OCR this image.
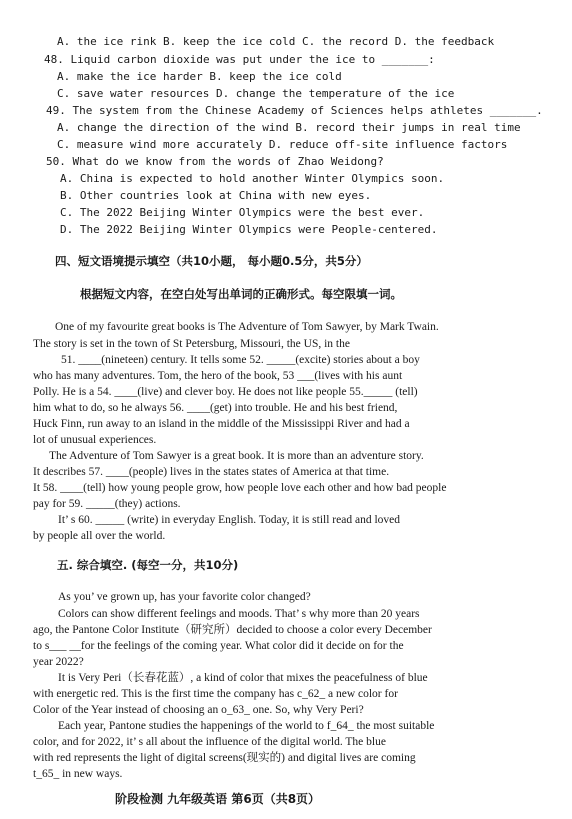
A. the ice rink B. keep the ice cold C. the record D. the feedback
48. Liquid carbon dioxide was put under the ice to _______:
A. make the ice harder B. keep the ice cold
C. save water resources D. change the temperature of the ice
49. The system from the Chinese Academy of Sciences helps athletes _______.
A. change the direction of the wind B. record their jumps in real time
C. measure wind more accurately D. reduce off-site influence factors
50. What do we know from the words of Zhao Weidong?
A. China is expected to hold another Winter Olympics soon.
B. Other countries look at China with new eyes.
C. The 2022 Beijing Winter Olympics were the best ever.
D. The 2022 Beijing Winter Olympics were People-centered.
四、短文语境提示填空（共10小题， 每小题0.5分，共5分）
根据短文内容，在空白处写出单词的正确形式。每空限填一词。
One of my favourite great books is The Adventure of Tom Sawyer, by Mark Twain.
The story is set in the town of St Petersburg, Missouri, the US, in the
51. ____(nineteen) century. It tells some 52. _____(excite) stories about a boy
who has many adventures. Tom, the hero of the book, 53 ___(lives with his aunt
Polly. He is a 54. ____(live) and clever boy. He does not like people 55._____ (tell)
him what to do, so he always 56. ____(get) into trouble. He and his best friend,
Huck Finn, run away to an island in the middle of the Mississippi River and had a
lot of unusual experiences.
The Adventure of Tom Sawyer is a great book. It is more than an adventure story.
It describes 57. ____(people) lives in the states states of America at that time.
It 58. ____(tell) how young people grow, how people love each other and how bad people
pay for 59. _____(they) actions.
It’ s 60. _____ (write) in everyday English. Today, it is still read and loved
by people all over the world.
五. 综合填空. (每空一分，共10分)
As you’ ve grown up, has your favorite color changed?
Colors can show different feelings and moods. That’ s why more than 20 years
ago, the Pantone Color Institute（研究所）decided to choose a color every December
to s___ __for the feelings of the coming year. What color did it decide on for the
year 2022?
It is Very Peri（长春花蓝）, a kind of color that mixes the peacefulness of blue
with energetic red. This is the first time the company has c_62_ a new color for
Color of the Year instead of choosing an o_63_ one. So, why Very Peri?
Each year, Pantone studies the happenings of the world to f_64_ the most suitable
color, and for 2022, it’ s all about the influence of the digital world. The blue
with red represents the light of digital screens(现实的) and digital lives are coming
t_65_ in new ways.
阶段检测 九年级英语 第6页（共8页）
